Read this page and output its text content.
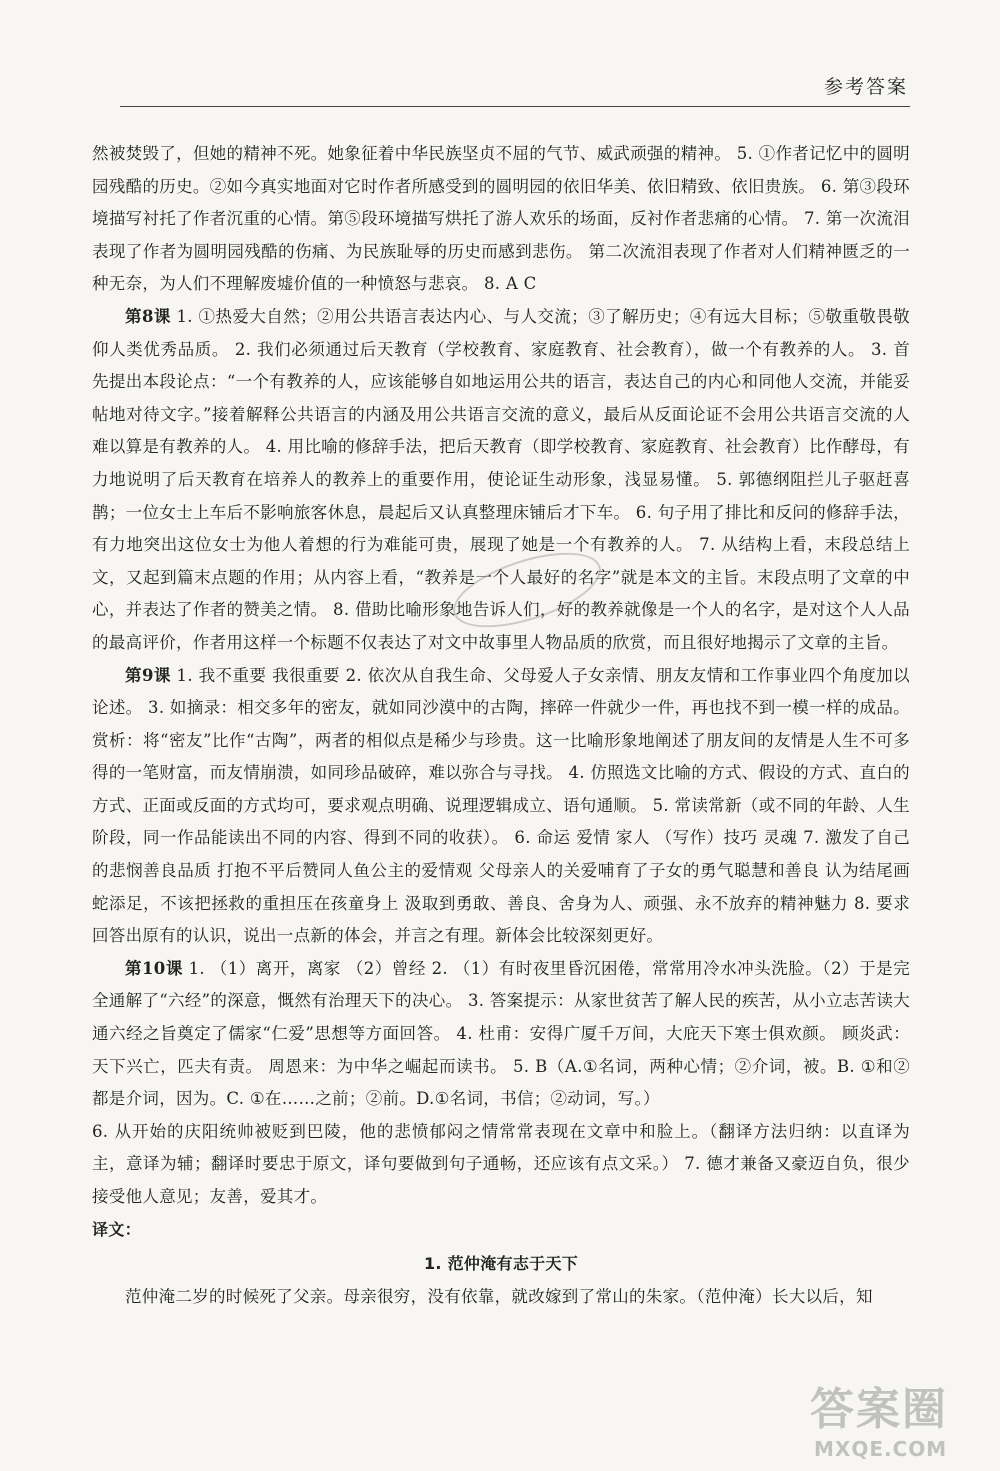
参考答案

然被焚毁了，但她的精神不死。她象征着中华民族坚贞不屈的气节、威武顽强的精神。 5. ①作者记忆中的圆明园残酷的历史。②如今真实地面对它时作者所感受到的圆明园的依旧华美、依旧精致、依旧贵族。 6. 第③段环境描写衬托了作者沉重的心情。第⑤段环境描写烘托了游人欢乐的场面，反衬作者悲痛的心情。 7. 第一次流泪表现了作者为圆明园残酷的伤痛、为民族耻辱的历史而感到悲伤。 第二次流泪表现了作者对人们精神匮乏的一种无奈，为人们不理解废墟价值的一种愤怒与悲哀。 8. A C

第8课 1. ①热爱大自然；②用公共语言表达内心、与人交流；③了解历史；④有远大目标；⑤敬重敬畏敬仰人类优秀品质。 2. 我们必须通过后天教育（学校教育、家庭教育、社会教育），做一个有教养的人。 3. 首先提出本段论点：“一个有教养的人，应该能够自如地运用公共的语言，表达自己的内心和同他人交流，并能妥帖地对待文字。”接着解释公共语言的内涵及用公共语言交流的意义，最后从反面论证不会用公共语言交流的人难以算是有教养的人。 4. 用比喻的修辞手法，把后天教育（即学校教育、家庭教育、社会教育）比作酵母，有力地说明了后天教育在培养人的教养上的重要作用，使论证生动形象，浅显易懂。 5. 郭德纲阻拦儿子驱赶喜鹊；一位女士上车后不影响旅客休息，晨起后又认真整理床铺后才下车。 6. 句子用了排比和反问的修辞手法，有力地突出这位女士为他人着想的行为难能可贵，展现了她是一个有教养的人。 7. 从结构上看，末段总结上文，又起到篇末点题的作用；从内容上看，“教养是一个人最好的名字”就是本文的主旨。末段点明了文章的中心，并表达了作者的赞美之情。 8. 借助比喻形象地告诉人们，好的教养就像是一个人的名字，是对这个人人品的最高评价，作者用这样一个标题不仅表达了对文中故事里人物品质的欣赏，而且很好地揭示了文章的主旨。

第9课 1. 我不重要 我很重要 2. 依次从自我生命、父母爱人子女亲情、朋友友情和工作事业四个角度加以论述。 3. 如摘录：相交多年的密友，就如同沙漠中的古陶，摔碎一件就少一件，再也找不到一模一样的成品。 赏析：将“密友”比作“古陶”，两者的相似点是稀少与珍贵。这一比喻形象地阐述了朋友间的友情是人生不可多得的一笔财富，而友情崩溃，如同珍品破碎，难以弥合与寻找。 4. 仿照选文比喻的方式、假设的方式、直白的方式、正面或反面的方式均可，要求观点明确、说理逻辑成立、语句通顺。 5. 常读常新（或不同的年龄、人生阶段，同一作品能读出不同的内容、得到不同的收获）。 6. 命运 爱情 家人 （写作）技巧 灵魂 7. 激发了自己的悲悯善良品质 打抱不平后赞同人鱼公主的爱情观 父母亲人的关爱哺育了子女的勇气聪慧和善良 认为结尾画蛇添足，不该把拯救的重担压在孩童身上 汲取到勇敢、善良、舍身为人、顽强、永不放弃的精神魅力 8. 要求回答出原有的认识，说出一点新的体会，并言之有理。新体会比较深刻更好。

第10课 1. （1）离开，离家 （2）曾经 2. （1）有时夜里昏沉困倦，常常用冷水冲头洗脸。（2）于是完全通解了“六经”的深意，慨然有治理天下的决心。 3. 答案提示：从家世贫苦了解人民的疾苦，从小立志苦读大通六经之旨奠定了儒家“仁爱”思想等方面回答。 4. 杜甫：安得广厦千万间，大庇天下寒士俱欢颜。 顾炎武：天下兴亡，匹夫有责。 周恩来：为中华之崛起而读书。 5. B（A.①名词，两种心情；②介词，被。B. ①和②都是介词，因为。C. ①在……之前；②前。D.①名词，书信；②动词，写。）

6. 从开始的庆阳统帅被贬到巴陵，他的悲愤郁闷之情常常表现在文章中和脸上。（翻译方法归纳：以直译为主，意译为辅；翻译时要忠于原文，译句要做到句子通畅，还应该有点文采。） 7. 德才兼备又豪迈自负，很少接受他人意见；友善，爱其才。

译文：

1. 范仲淹有志于天下

范仲淹二岁的时候死了父亲。母亲很穷，没有依靠，就改嫁到了常山的朱家。（范仲淹）长大以后，知

答案圈
MXQE.COM
